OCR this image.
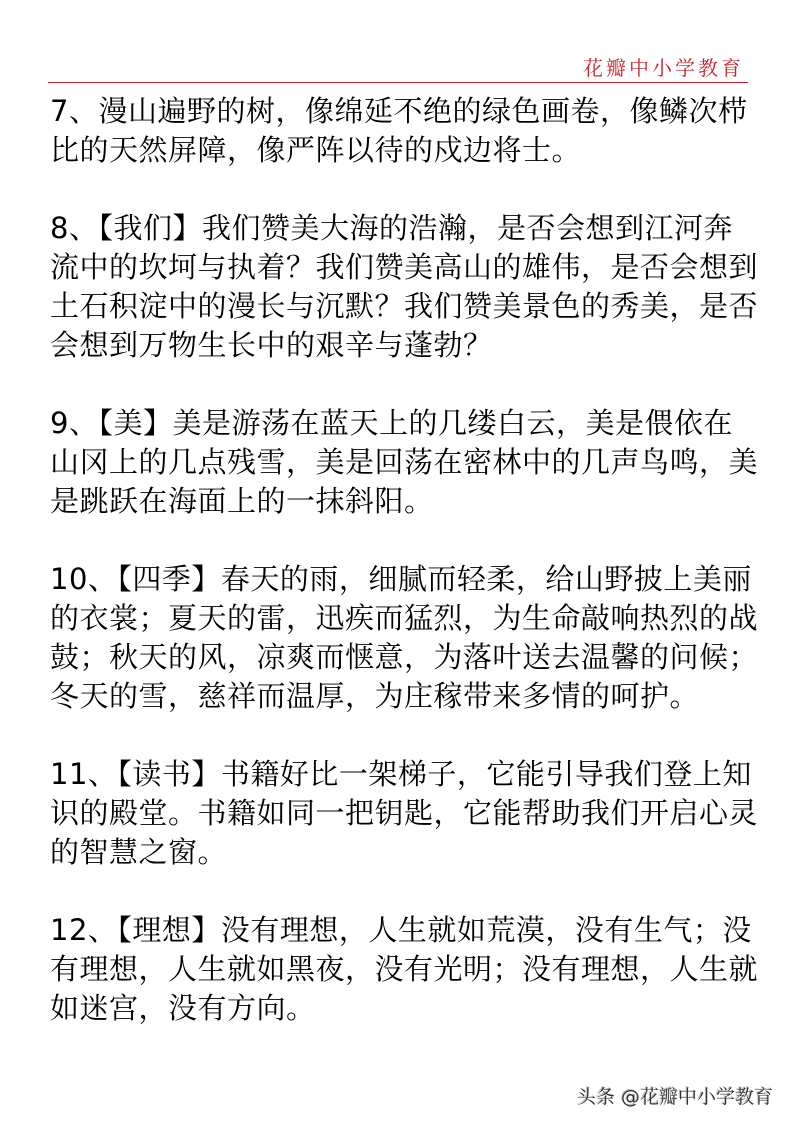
花瓣中小学教育
7、漫山遍野的树，像绵延不绝的绿色画卷，像鳞次栉
比的天然屏障，像严阵以待的戍边将士。
8、【我们】我们赞美大海的浩瀚，是否会想到江河奔
流中的坎坷与执着？我们赞美高山的雄伟，是否会想到
土石积淀中的漫长与沉默？我们赞美景色的秀美，是否
会想到万物生长中的艰辛与蓬勃？
9、【美】美是游荡在蓝天上的几缕白云，美是偎依在
山冈上的几点残雪，美是回荡在密林中的几声鸟鸣，美
是跳跃在海面上的一抹斜阳。
10、【四季】春天的雨，细腻而轻柔，给山野披上美丽
的衣裳；夏天的雷，迅疾而猛烈，为生命敲响热烈的战
鼓；秋天的风，凉爽而惬意，为落叶送去温馨的问候；
冬天的雪，慈祥而温厚，为庄稼带来多情的呵护。
11、【读书】书籍好比一架梯子，它能引导我们登上知
识的殿堂。书籍如同一把钥匙，它能帮助我们开启心灵
的智慧之窗。
12、【理想】没有理想，人生就如荒漠，没有生气；没
有理想，人生就如黑夜，没有光明；没有理想，人生就
如迷宫，没有方向。
头条 @花瓣中小学教育
